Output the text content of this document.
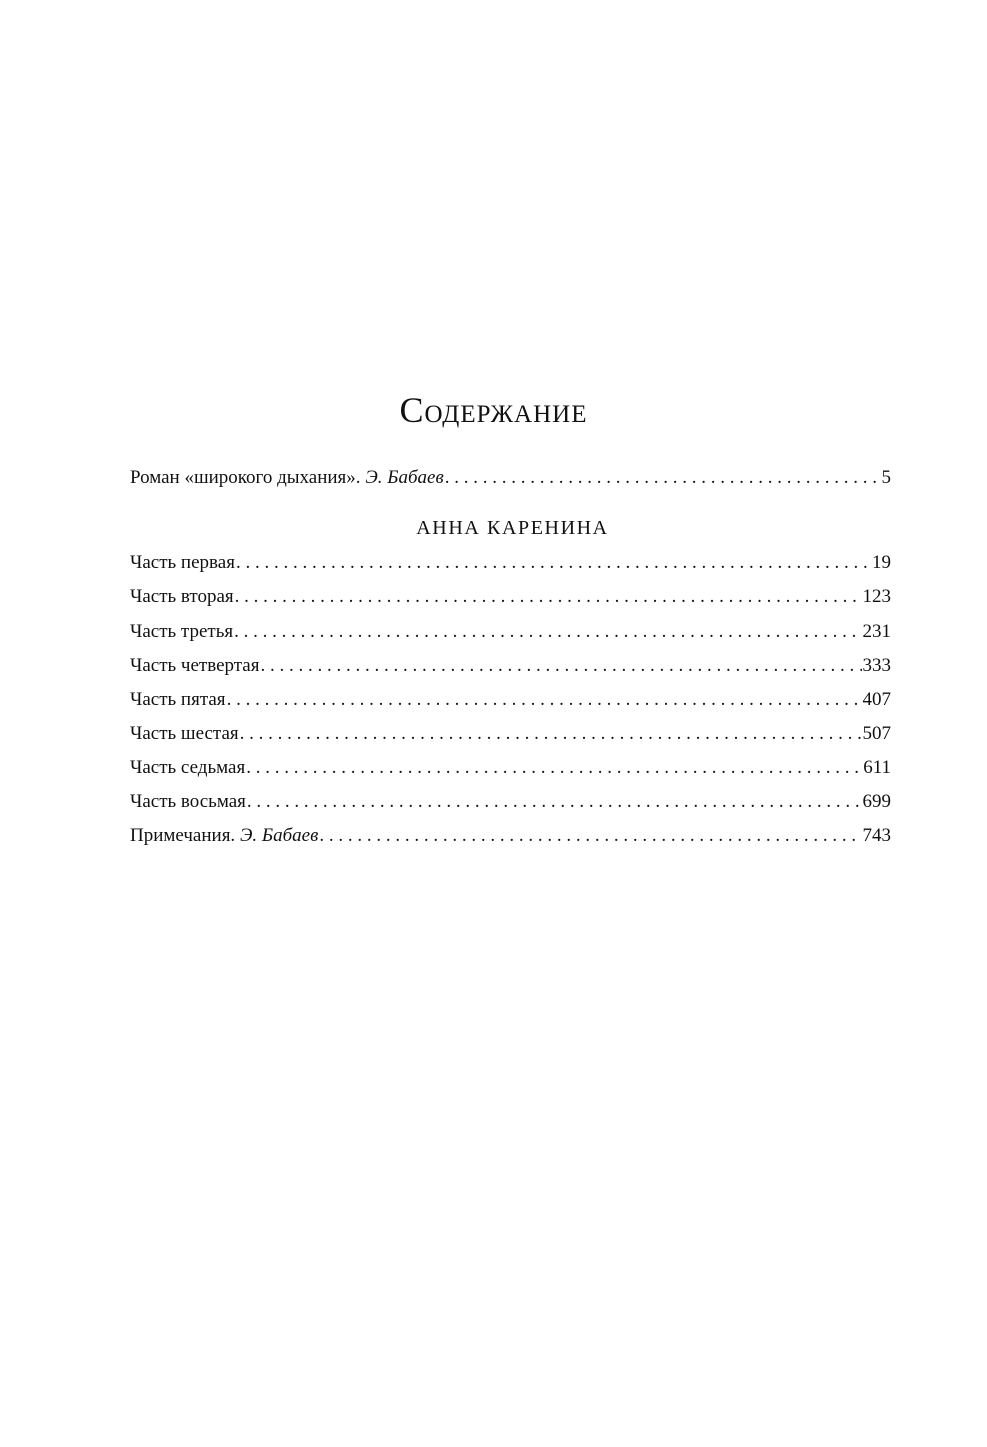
Содержание
Роман «широкого дыхания». Э. Бабаев . . .	5
АННА КАРЕНИНА
Часть первая . . .	19
Часть вторая . . .	123
Часть третья . . .	231
Часть четвертая . . .	333
Часть пятая . . .	407
Часть шестая . . .	507
Часть седьмая . . .	611
Часть восьмая . . .	699
Примечания. Э. Бабаев . . .	743
